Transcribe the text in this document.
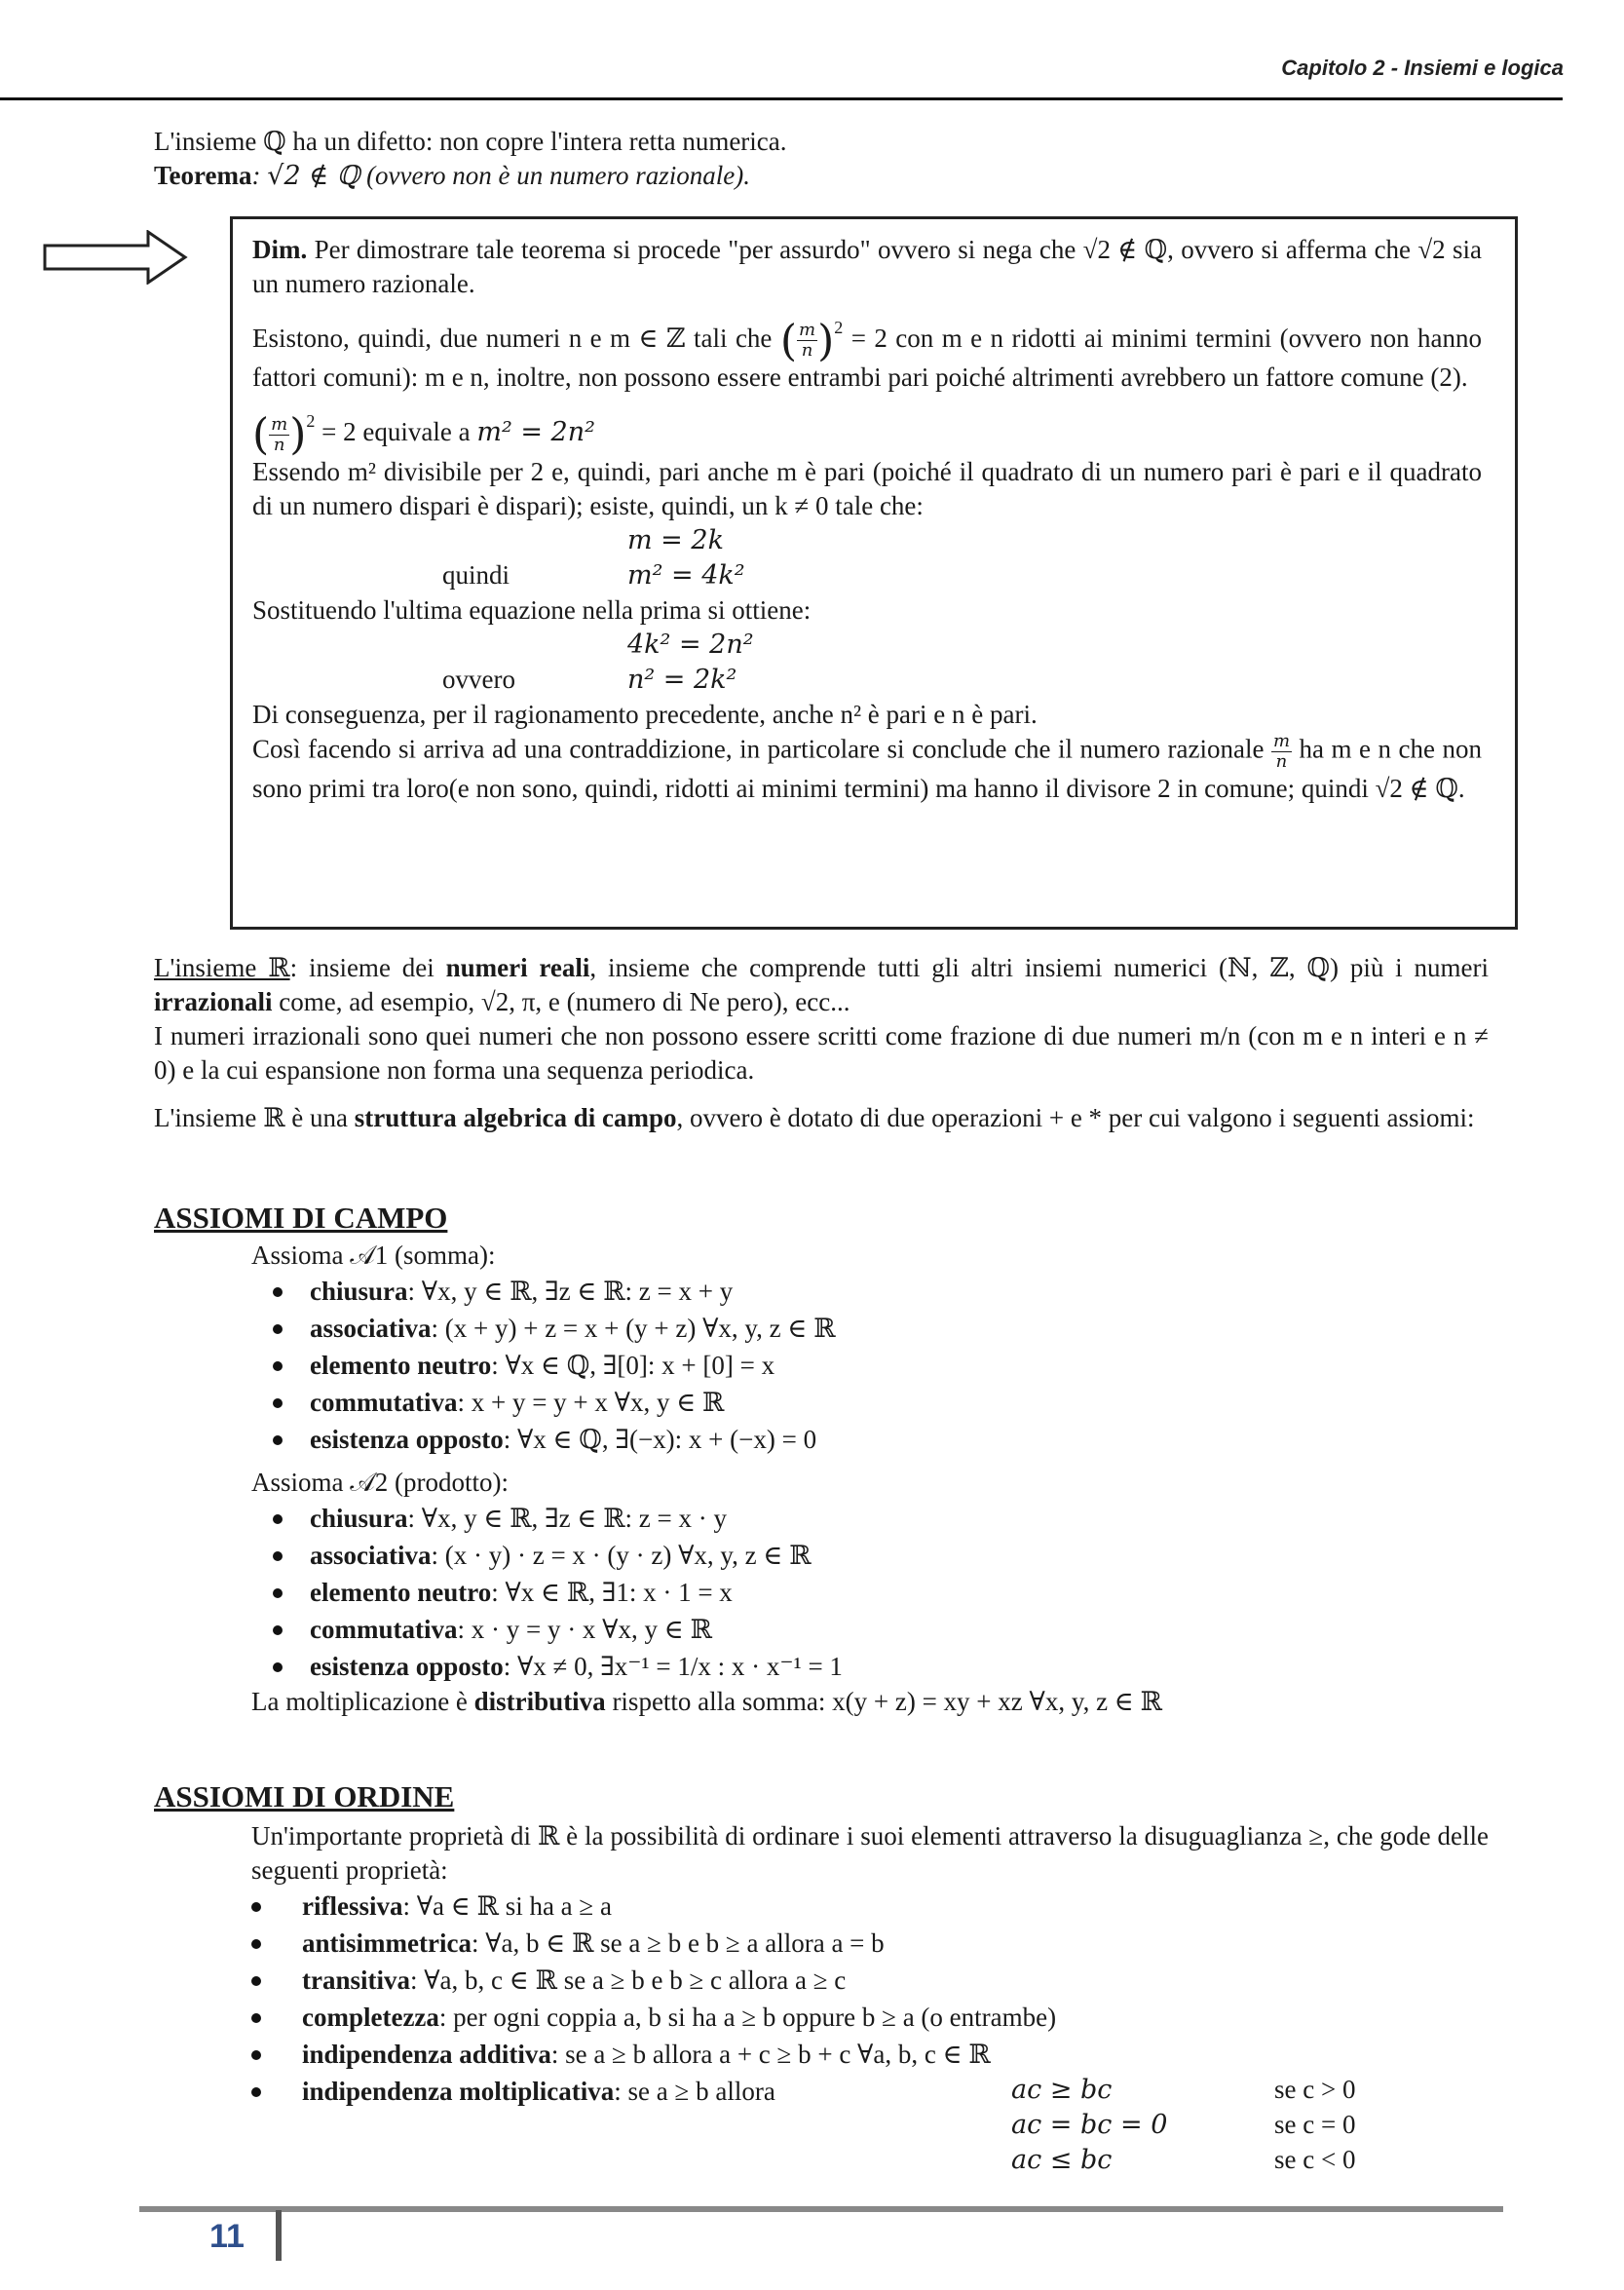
Capitolo 2 - Insiemi e logica

L'insieme ℚ ha un difetto: non copre l'intera retta numerica.

Teorema: √2 ∉ ℚ (ovvero non è un numero razionale).

Dim. Per dimostrare tale teorema si procede "per assurdo" ovvero si nega che √2 ∉ ℚ, ovvero si afferma che √2 sia un numero razionale.

Esistono, quindi, due numeri n e m ∈ ℤ tali che ( $\frac{m}{n} )^2 = 2$ con m e n ridotti ai minimi termini (ovvero non hanno fattori comuni): m e n, inoltre, non possono essere entrambi pari poiché altrimenti avrebbero un fattore comune (2).

( $\frac{m}{n} )^2 = 2$ equivale a m² = 2n²

Essendo m² divisibile per 2 e, quindi, pari anche m è pari (poiché il quadrato di un numero pari è pari e il quadrato di un numero dispari è dispari); esiste, quindi, un k ≠ 0 tale che:

m = 2k
quindi	m² = 4k²

Sostituendo l'ultima equazione nella prima si ottiene:

4k² = 2n²
ovvero	n² = 2k²

Di conseguenza, per il ragionamento precedente, anche n² è pari e n è pari.

Così facendo si arriva ad una contraddizione, in particolare si conclude che il numero razionale $\frac{m}{n}$ ha m e n che non sono primi tra loro(e non sono, quindi, ridotti ai minimi termini) ma hanno il divisore 2 in comune; quindi √2 ∉ ℚ.

L'insieme ℝ: insieme dei numeri reali, insieme che comprende tutti gli altri insiemi numerici (ℕ, ℤ, ℚ) più i numeri irrazionali come, ad esempio, √2, π, e (numero di Ne pero), ecc...

I numeri irrazionali sono quei numeri che non possono essere scritti come frazione di due numeri m/n (con m e n interi e n ≠ 0) e la cui espansione non forma una sequenza periodica.

L'insieme ℝ è una struttura algebrica di campo, ovvero è dotato di due operazioni + e * per cui valgono i seguenti assiomi:

ASSIOMI DI CAMPO
Assioma 𝒜1 (somma):
chiusura: ∀x, y ∈ ℝ, ∃z ∈ ℝ: z = x + y
associativa: (x + y) + z = x + (y + z) ∀x, y, z ∈ ℝ
elemento neutro: ∀x ∈ ℚ, ∃[0]: x + [0] = x
commutativa: x + y = y + x ∀x, y ∈ ℝ
esistenza opposto: ∀x ∈ ℚ, ∃(−x): x + (−x) = 0
Assioma 𝒜2 (prodotto):
chiusura: ∀x, y ∈ ℝ, ∃z ∈ ℝ: z = x · y
associativa: (x · y) · z = x · (y · z) ∀x, y, z ∈ ℝ
elemento neutro: ∀x ∈ ℝ, ∃1: x · 1 = x
commutativa: x · y = y · x ∀x, y ∈ ℝ
esistenza opposto: ∀x ≠ 0, ∃x⁻¹ = 1/x : x · x⁻¹ = 1
La moltiplicazione è distributiva rispetto alla somma: x(y + z) = xy + xz ∀x, y, z ∈ ℝ
ASSIOMI DI ORDINE

Un'importante proprietà di ℝ è la possibilità di ordinare i suoi elementi attraverso la disuguaglianza ≥, che gode delle seguenti proprietà:

riflessiva: ∀a ∈ ℝ si ha a ≥ a
antisimmetrica: ∀a, b ∈ ℝ se a ≥ b e b ≥ a allora a = b
transitiva: ∀a, b, c ∈ ℝ se a ≥ b e b ≥ c allora a ≥ c
completezza: per ogni coppia a, b si ha a ≥ b oppure b ≥ a (o entrambe)
indipendenza additiva: se a ≥ b allora a + c ≥ b + c ∀a, b, c ∈ ℝ
indipendenza moltiplicativa: se a ≥ b allora	ac ≥ bc	se c > 0
ac = bc = 0	se c = 0
ac ≤ bc	se c < 0
11
